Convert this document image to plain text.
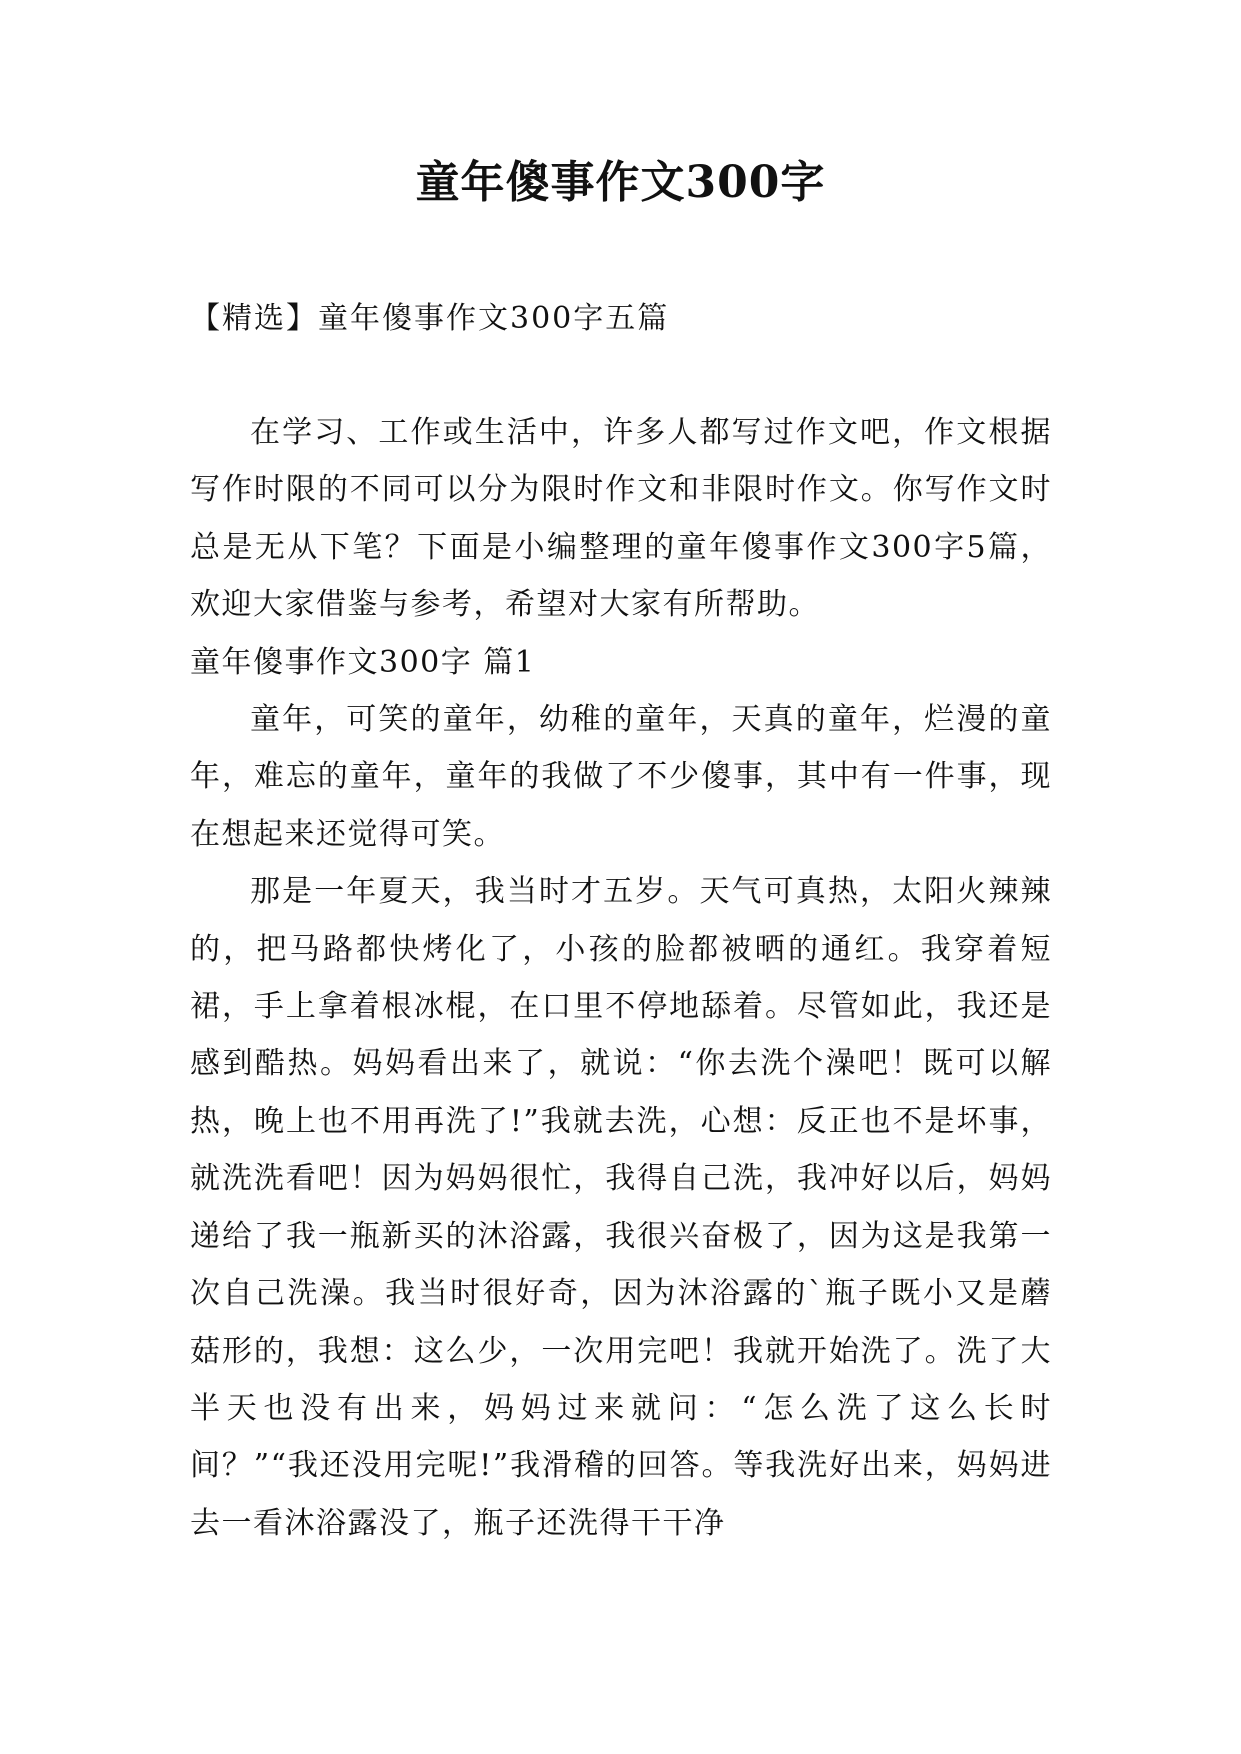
童年傻事作文300字
【精选】童年傻事作文300字五篇

在学习、工作或生活中，许多人都写过作文吧，作文根据写作时限的不同可以分为限时作文和非限时作文。你写作文时总是无从下笔？下面是小编整理的童年傻事作文300字5篇，欢迎大家借鉴与参考，希望对大家有所帮助。

童年傻事作文300字 篇1

童年，可笑的童年，幼稚的童年，天真的童年，烂漫的童年，难忘的童年，童年的我做了不少傻事，其中有一件事，现在想起来还觉得可笑。

那是一年夏天，我当时才五岁。天气可真热，太阳火辣辣的，把马路都快烤化了，小孩的脸都被晒的通红。我穿着短裙，手上拿着根冰棍，在口里不停地舔着。尽管如此，我还是感到酷热。妈妈看出来了，就说：“你去洗个澡吧！既可以解热，晚上也不用再洗了!”我就去洗，心想：反正也不是坏事，就洗洗看吧！因为妈妈很忙，我得自己洗，我冲好以后，妈妈递给了我一瓶新买的沐浴露，我很兴奋极了，因为这是我第一次自己洗澡。我当时很好奇，因为沐浴露的`瓶子既小又是蘑菇形的，我想：这么少，一次用完吧！我就开始洗了。洗了大半天也没有出来，妈妈过来就问：“怎么洗了这么长时间？”“我还没用完呢!”我滑稽的回答。等我洗好出来，妈妈进去一看沐浴露没了，瓶子还洗得干干净
